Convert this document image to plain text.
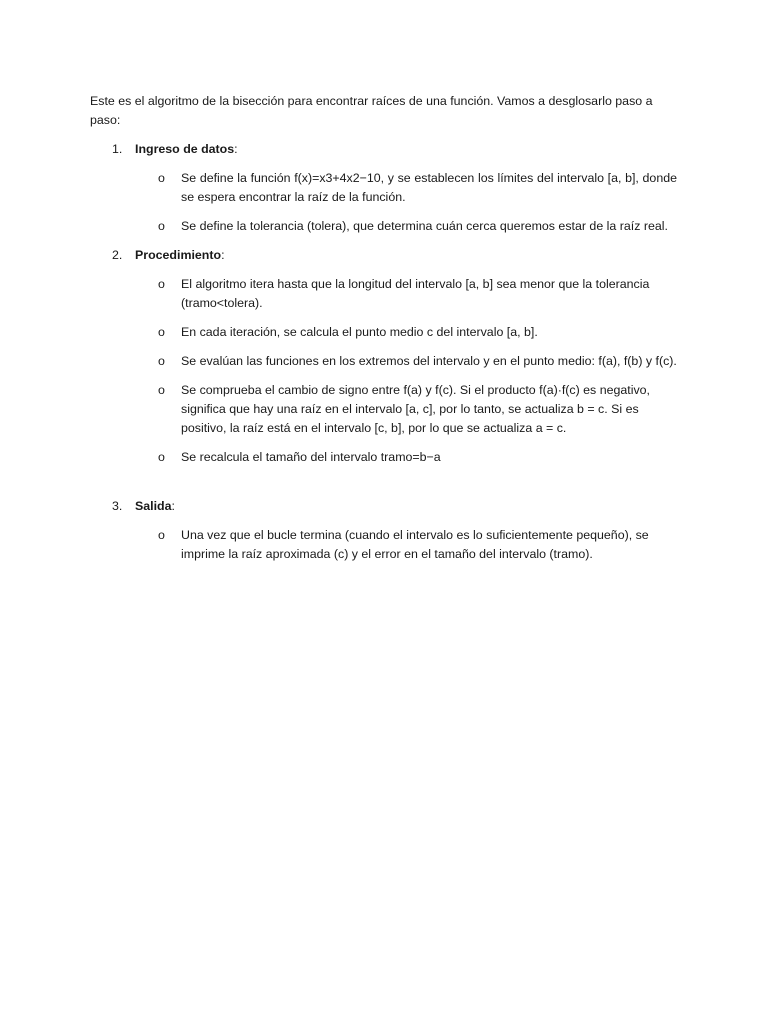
Este es el algoritmo de la bisección para encontrar raíces de una función. Vamos a desglosarlo paso a paso:

1. Ingreso de datos:
o Se define la función f(x)=x3+4x2−10, y se establecen los límites del intervalo [a, b], donde se espera encontrar la raíz de la función.
o Se define la tolerancia (tolera), que determina cuán cerca queremos estar de la raíz real.
2. Procedimiento:
o El algoritmo itera hasta que la longitud del intervalo [a, b] sea menor que la tolerancia (tramo<tolera).
o En cada iteración, se calcula el punto medio c del intervalo [a, b].
o Se evalúan las funciones en los extremos del intervalo y en el punto medio: f(a), f(b) y f(c).
o Se comprueba el cambio de signo entre f(a) y f(c). Si el producto f(a)·f(c) es negativo, significa que hay una raíz en el intervalo [a, c], por lo tanto, se actualiza b = c. Si es positivo, la raíz está en el intervalo [c, b], por lo que se actualiza a = c.
o Se recalcula el tamaño del intervalo tramo=b−a
3. Salida:
o Una vez que el bucle termina (cuando el intervalo es lo suficientemente pequeño), se imprime la raíz aproximada (c) y el error en el tamaño del intervalo (tramo).
